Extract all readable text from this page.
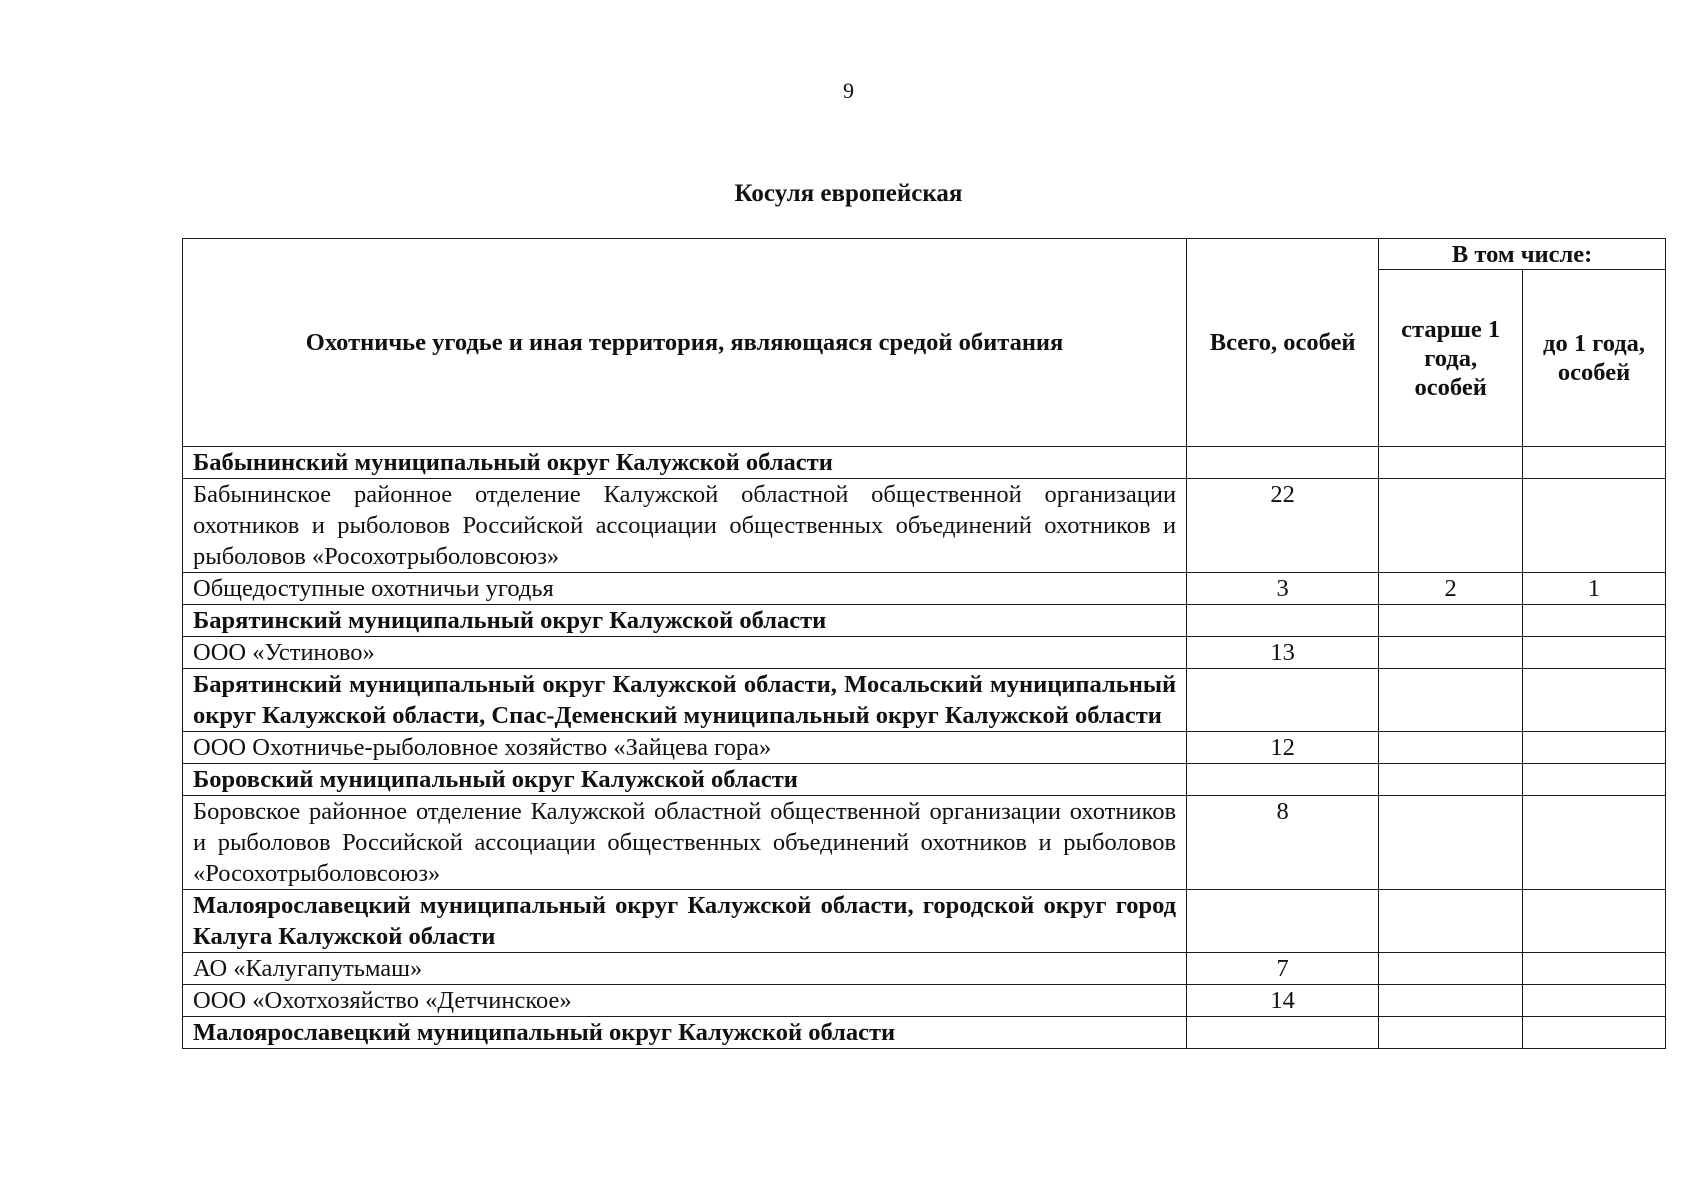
9
Косуля европейская
Охотничье угодье и иная территория, являющаяся средой обитания	Всего, особей	В том числе:	
		старше 1 года, особей	до 1 года, особей
Бабынинский муниципальный округ Калужской области			
Бабынинское районное отделение Калужской областной общественной организации охотников и рыболовов Российской ассоциации общественных объединений охотников и рыболовов «Росохотрыболовсоюз»	22		
Общедоступные охотничьи угодья	3	2	1
Барятинский муниципальный округ Калужской области			
ООО «Устиново»	13		
Барятинский муниципальный округ Калужской области, Мосальский муниципальный округ Калужской области, Спас-Деменский муниципальный округ Калужской области			
ООО Охотничье-рыболовное хозяйство «Зайцева гора»	12		
Боровский муниципальный округ Калужской области			
Боровское районное отделение Калужской областной общественной организации охотников и рыболовов Российской ассоциации общественных объединений охотников и рыболовов «Росохотрыболовсоюз»	8		
Малоярославецкий муниципальный округ Калужской области, городской округ город Калуга Калужской области			
АО «Калугапутьмаш»	7		
ООО «Охотхозяйство «Детчинское»	14		
Малоярославецкий муниципальный округ Калужской области			
